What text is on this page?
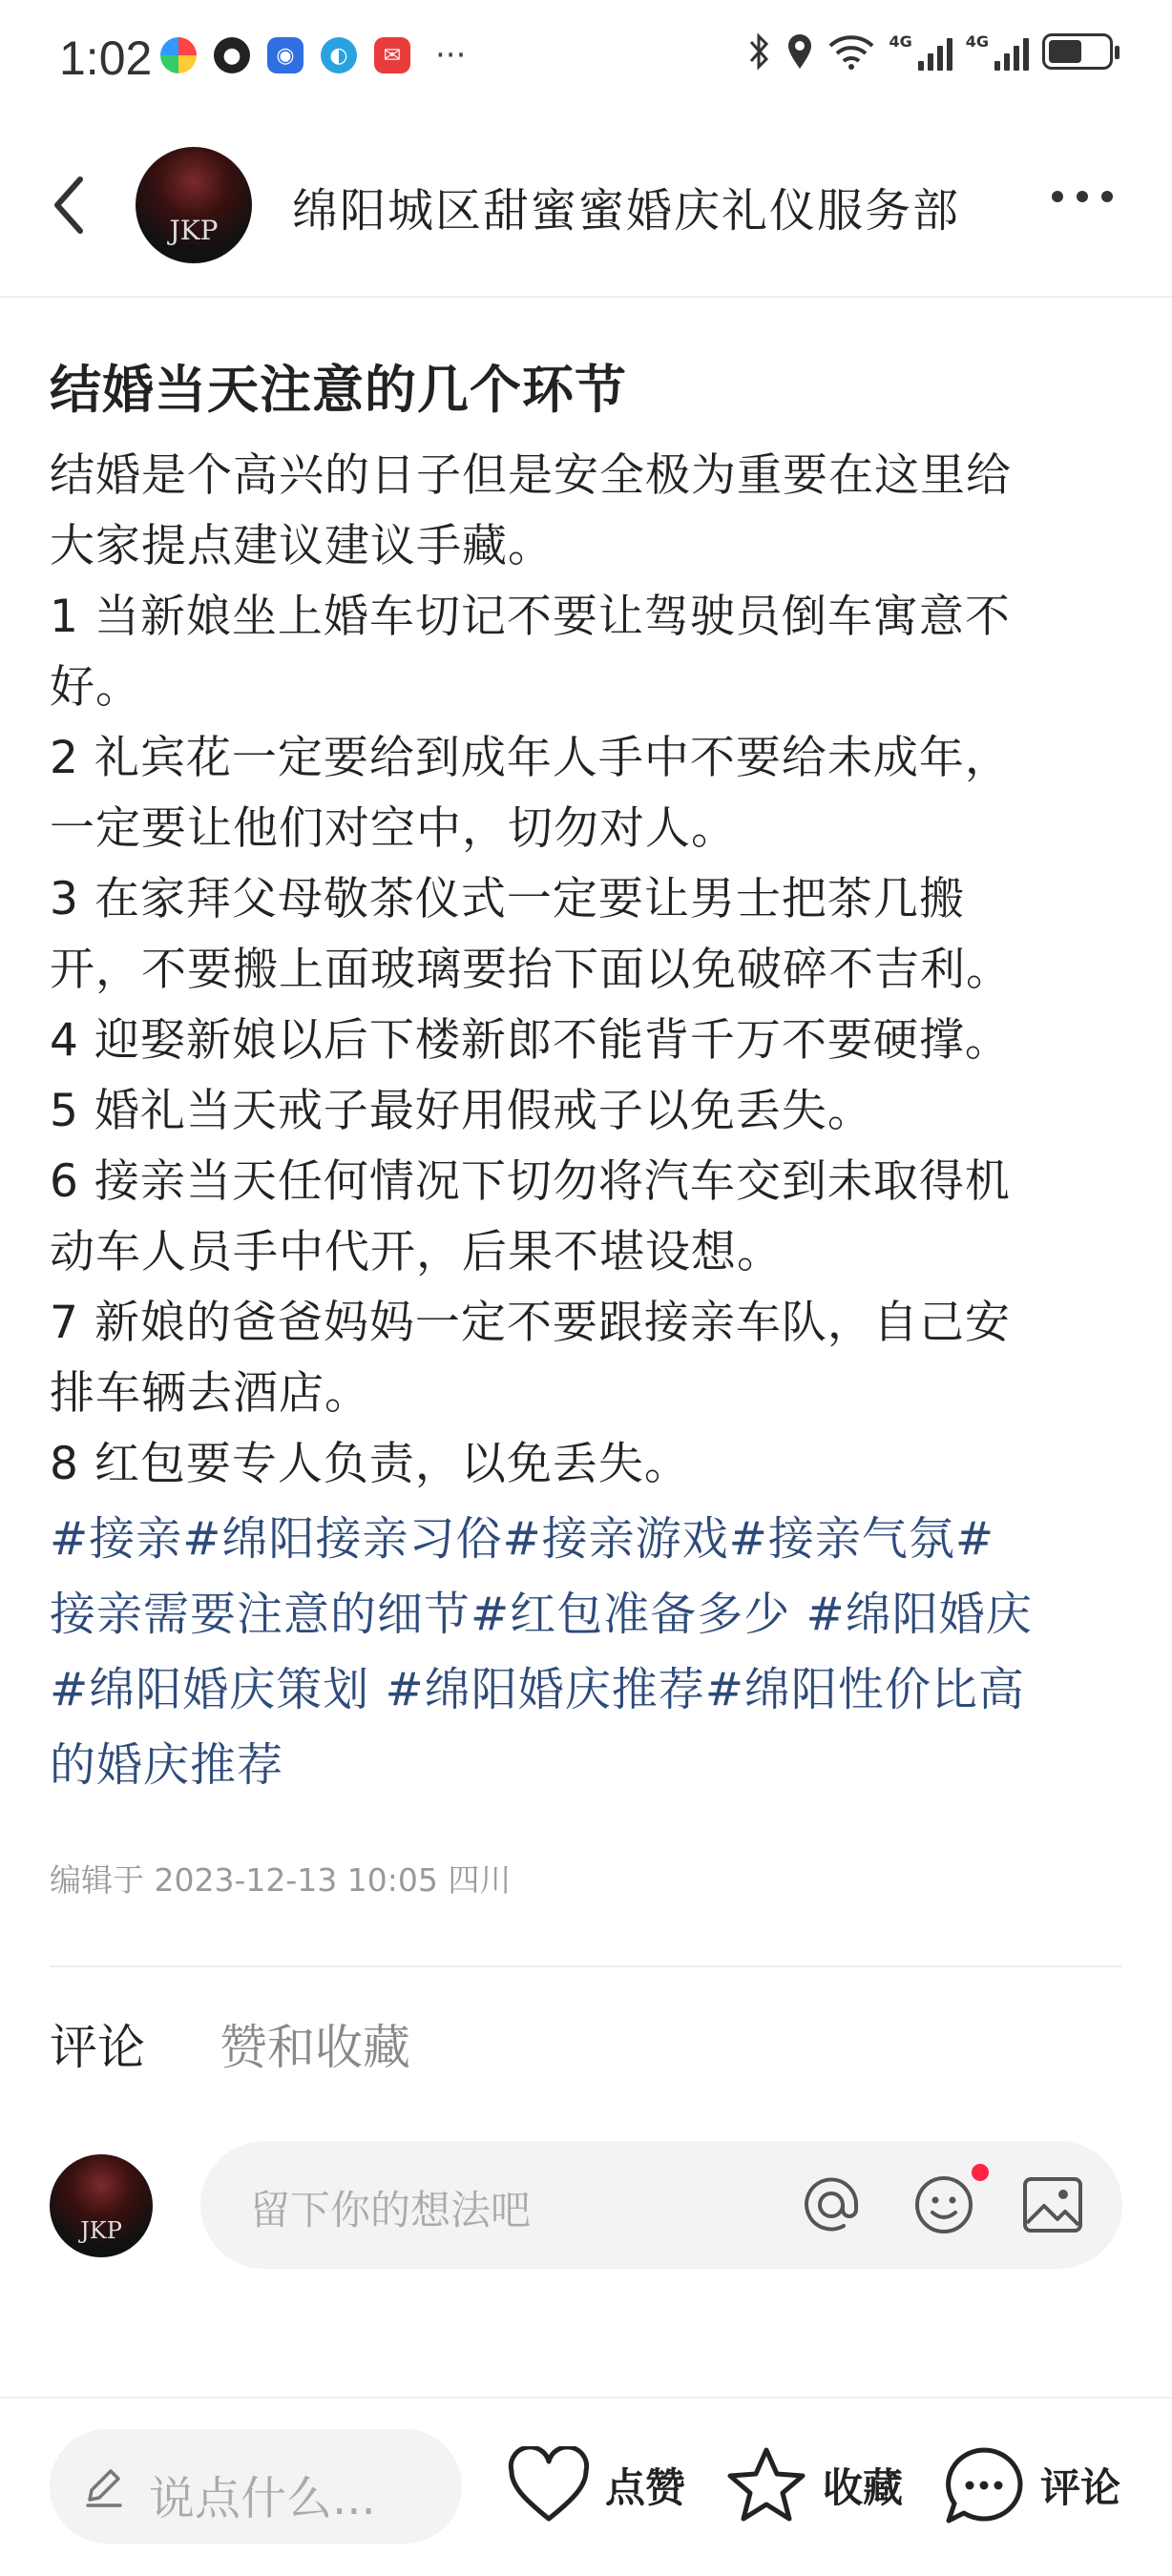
1:02	●	◉	◐	✉ ···	4G	4G
JKP	绵阳城区甜蜜蜜婚庆礼仪服务部
结婚当天注意的几个环节

结婚是个高兴的日子但是安全极为重要在这里给

大家提点建议建议手藏。

1 当新娘坐上婚车切记不要让驾驶员倒车寓意不

好。

2 礼宾花一定要给到成年人手中不要给未成年，

一定要让他们对空中，切勿对人。

3 在家拜父母敬茶仪式一定要让男士把茶几搬

开，不要搬上面玻璃要抬下面以免破碎不吉利。

4 迎娶新娘以后下楼新郎不能背千万不要硬撑。

5 婚礼当天戒子最好用假戒子以免丢失。

6 接亲当天任何情况下切勿将汽车交到未取得机

动车人员手中代开，后果不堪设想。

7 新娘的爸爸妈妈一定不要跟接亲车队，自己安

排车辆去酒店。

8 红包要专人负责，以免丢失。

#接亲#绵阳接亲习俗#接亲游戏#接亲气氛#
接亲需要注意的细节#红包准备多少 #绵阳婚庆
#绵阳婚庆策划 #绵阳婚庆推荐#绵阳性价比高
的婚庆推荐
编辑于 2023-12-13 10:05 四川
评论 赞和收藏
JKP	留下你的想法吧
说点什么...	点赞	收藏	评论
